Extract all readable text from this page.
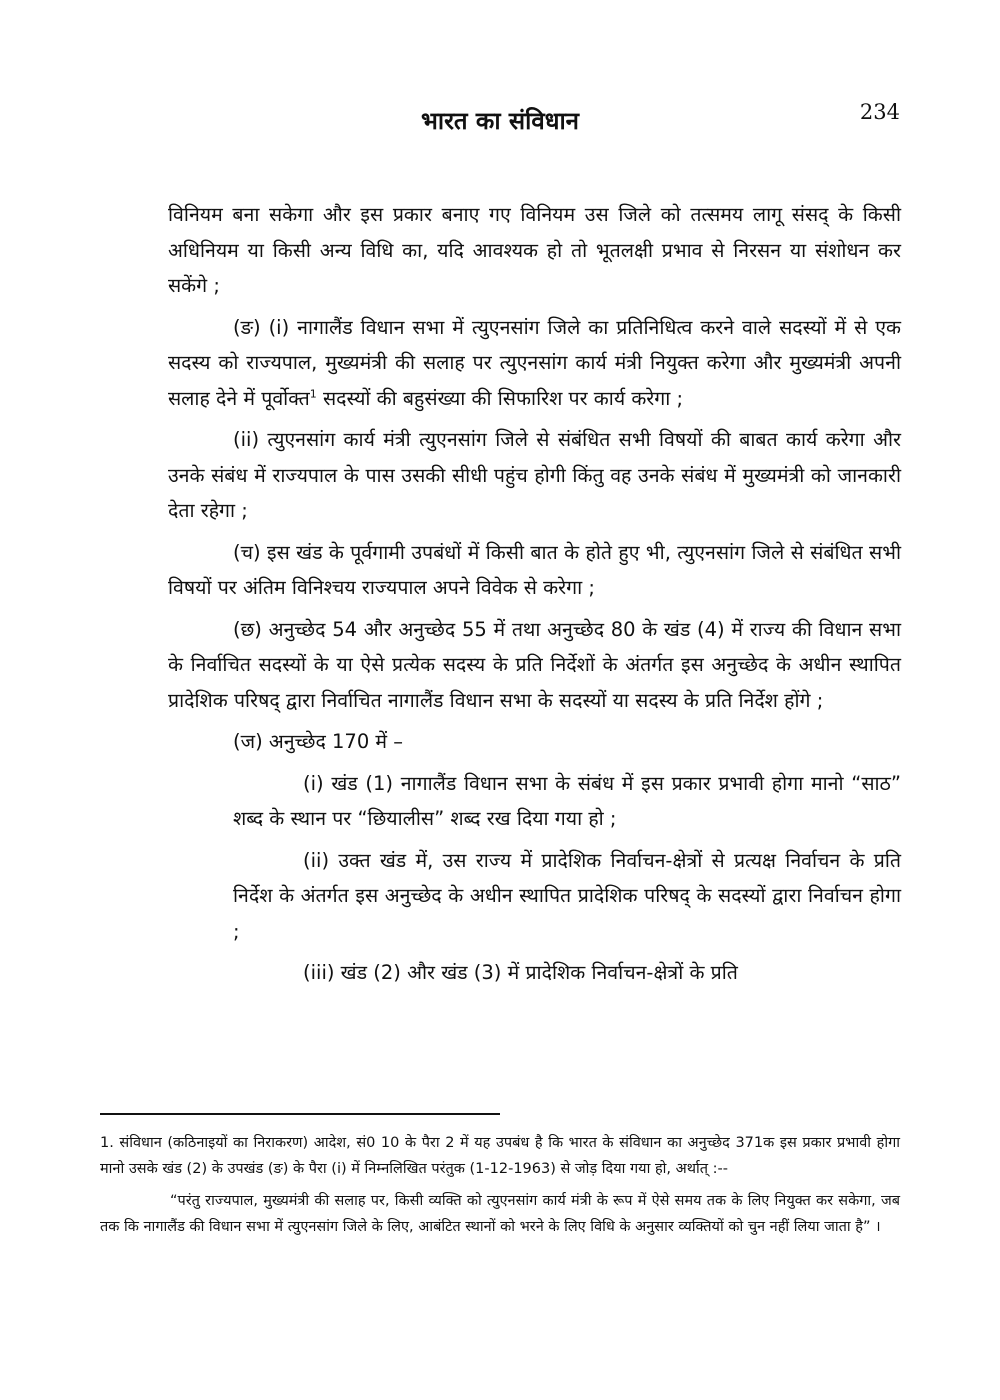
भारत का संविधान	234

विनियम बना सकेगा और इस प्रकार बनाए गए विनियम उस जिले को तत्समय लागू संसद् के किसी अधिनियम या किसी अन्य विधि का, यदि आवश्यक हो तो भूतलक्षी प्रभाव से निरसन या संशोधन कर सकेंगे ;

(ङ) (i) नागालैंड विधान सभा में त्युएनसांग जिले का प्रतिनिधित्व करने वाले सदस्यों में से एक सदस्य को राज्यपाल, मुख्यमंत्री की सलाह पर त्युएनसांग कार्य मंत्री नियुक्त करेगा और मुख्यमंत्री अपनी सलाह देने में पूर्वोक्त$^1$ सदस्यों की बहुसंख्या की सिफारिश पर कार्य करेगा ;

(ii) त्युएनसांग कार्य मंत्री त्युएनसांग जिले से संबंधित सभी विषयों की बाबत कार्य करेगा और उनके संबंध में राज्यपाल के पास उसकी सीधी पहुंच होगी किंतु वह उनके संबंध में मुख्यमंत्री को जानकारी देता रहेगा ;

(च) इस खंड के पूर्वगामी उपबंधों में किसी बात के होते हुए भी, त्युएनसांग जिले से संबंधित सभी विषयों पर अंतिम विनिश्चय राज्यपाल अपने विवेक से करेगा ;

(छ) अनुच्छेद 54 और अनुच्छेद 55 में तथा अनुच्छेद 80 के खंड (4) में राज्य की विधान सभा के निर्वाचित सदस्यों के या ऐसे प्रत्येक सदस्य के प्रति निर्देशों के अंतर्गत इस अनुच्छेद के अधीन स्थापित प्रादेशिक परिषद् द्वारा निर्वाचित नागालैंड विधान सभा के सदस्यों या सदस्य के प्रति निर्देश होंगे ;

(ज) अनुच्छेद 170 में –

(i) खंड (1) नागालैंड विधान सभा के संबंध में इस प्रकार प्रभावी होगा मानो “साठ” शब्द के स्थान पर “छियालीस” शब्द रख दिया गया हो ;

(ii) उक्त खंड में, उस राज्य में प्रादेशिक निर्वाचन-क्षेत्रों से प्रत्यक्ष निर्वाचन के प्रति निर्देश के अंतर्गत इस अनुच्छेद के अधीन स्थापित प्रादेशिक परिषद् के सदस्यों द्वारा निर्वाचन होगा ;

(iii) खंड (2) और खंड (3) में प्रादेशिक निर्वाचन-क्षेत्रों के प्रति

1. संविधान (कठिनाइयों का निराकरण) आदेश, सं0 10 के पैरा 2 में यह उपबंध है कि भारत के संविधान का अनुच्छेद 371क इस प्रकार प्रभावी होगा मानो उसके खंड (2) के उपखंड (ङ) के पैरा (i) में निम्नलिखित परंतुक (1-12-1963) से जोड़ दिया गया हो, अर्थात् :--

“परंतु राज्यपाल, मुख्यमंत्री की सलाह पर, किसी व्यक्ति को त्युएनसांग कार्य मंत्री के रूप में ऐसे समय तक के लिए नियुक्त कर सकेगा, जब तक कि नागालैंड की विधान सभा में त्युएनसांग जिले के लिए, आबंटित स्थानों को भरने के लिए विधि के अनुसार व्यक्तियों को चुन नहीं लिया जाता है” ।
